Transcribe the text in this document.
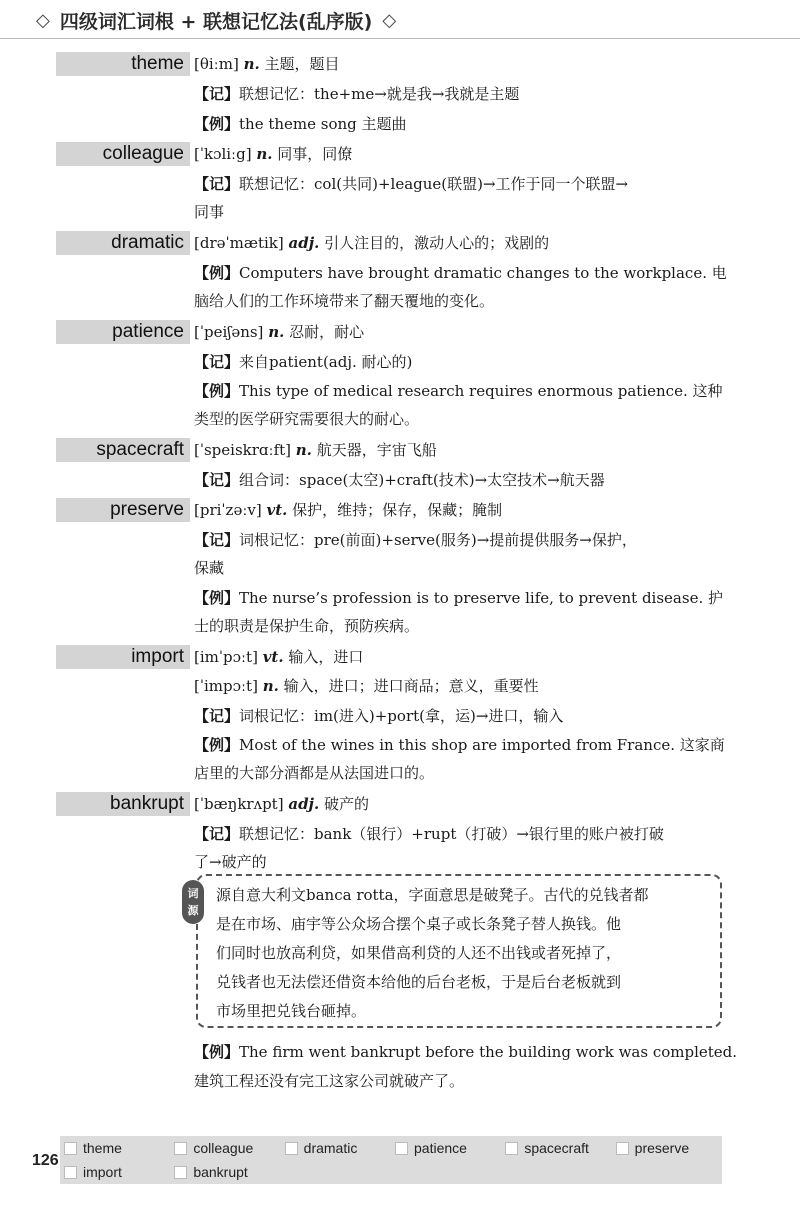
◇ 四级词汇词根 + 联想记忆法(乱序版) ◇
theme [θiːm] n. 主题，题目
【记】联想记忆：the+me→就是我→我就是主题
【例】the theme song 主题曲
colleague [ˈkɔliːg] n. 同事，同僚
【记】联想记忆：col(共同)+league(联盟)→工作于同一个联盟→
同事
dramatic [drəˈmætik] adj. 引人注目的，激动人心的；戏剧的
【例】Computers have brought dramatic changes to the workplace. 电
脑给人们的工作环境带来了翻天覆地的变化。
patience [ˈpeiʃəns] n. 忍耐，耐心
【记】来自patient(adj. 耐心的)
【例】This type of medical research requires enormous patience. 这种
类型的医学研究需要很大的耐心。
spacecraft [ˈspeiskrɑːft] n. 航天器，宇宙飞船
【记】组合词：space(太空)+craft(技术)→太空技术→航天器
preserve [priˈzəːv] vt. 保护，维持；保存，保藏；腌制
【记】词根记忆：pre(前面)+serve(服务)→提前提供服务→保护，
保藏
【例】The nurse’s profession is to preserve life, to prevent disease. 护
士的职责是保护生命，预防疾病。
import [imˈpɔːt] vt. 输入，进口
[ˈimpɔːt] n. 输入，进口；进口商品；意义，重要性
【记】词根记忆：im(进入)+port(拿，运)→进口，输入
【例】Most of the wines in this shop are imported from France. 这家商
店里的大部分酒都是从法国进口的。
bankrupt [ˈbæŋkrʌpt] adj. 破产的
【记】联想记忆：bank（银行）+rupt（打破）→银行里的账户被打破
了→破产的
词
源
源自意大利文banca rotta，字面意思是破凳子。古代的兑钱者都
是在市场、庙宇等公众场合摆个桌子或长条凳子替人换钱。他
们同时也放高利贷，如果借高利贷的人还不出钱或者死掉了，
兑钱者也无法偿还借资本给他的后台老板，于是后台老板就到
市场里把兑钱台砸掉。
【例】The firm went bankrupt before the building work was completed.
建筑工程还没有完工这家公司就破产了。
126
theme	colleague	dramatic	patience	spacecraft	preserve
import	bankrupt
